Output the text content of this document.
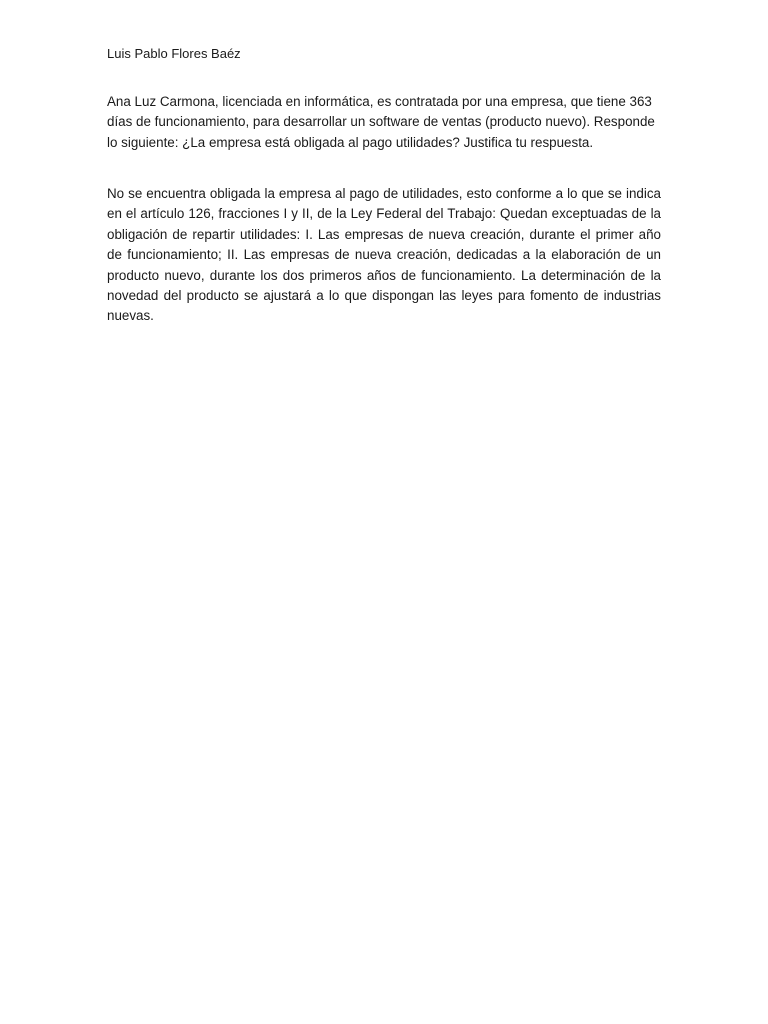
Luis Pablo Flores Baéz

Ana Luz Carmona, licenciada en informática, es contratada por una empresa, que tiene 363 días de funcionamiento, para desarrollar un software de ventas (producto nuevo). Responde lo siguiente: ¿La empresa está obligada al pago utilidades? Justifica tu respuesta.

No se encuentra obligada la empresa al pago de utilidades, esto conforme a lo que se indica en el artículo 126, fracciones I y II, de la Ley Federal del Trabajo: Quedan exceptuadas de la obligación de repartir utilidades: I. Las empresas de nueva creación, durante el primer año de funcionamiento; II. Las empresas de nueva creación, dedicadas a la elaboración de un producto nuevo, durante los dos primeros años de funcionamiento. La determinación de la novedad del producto se ajustará a lo que dispongan las leyes para fomento de industrias nuevas.
